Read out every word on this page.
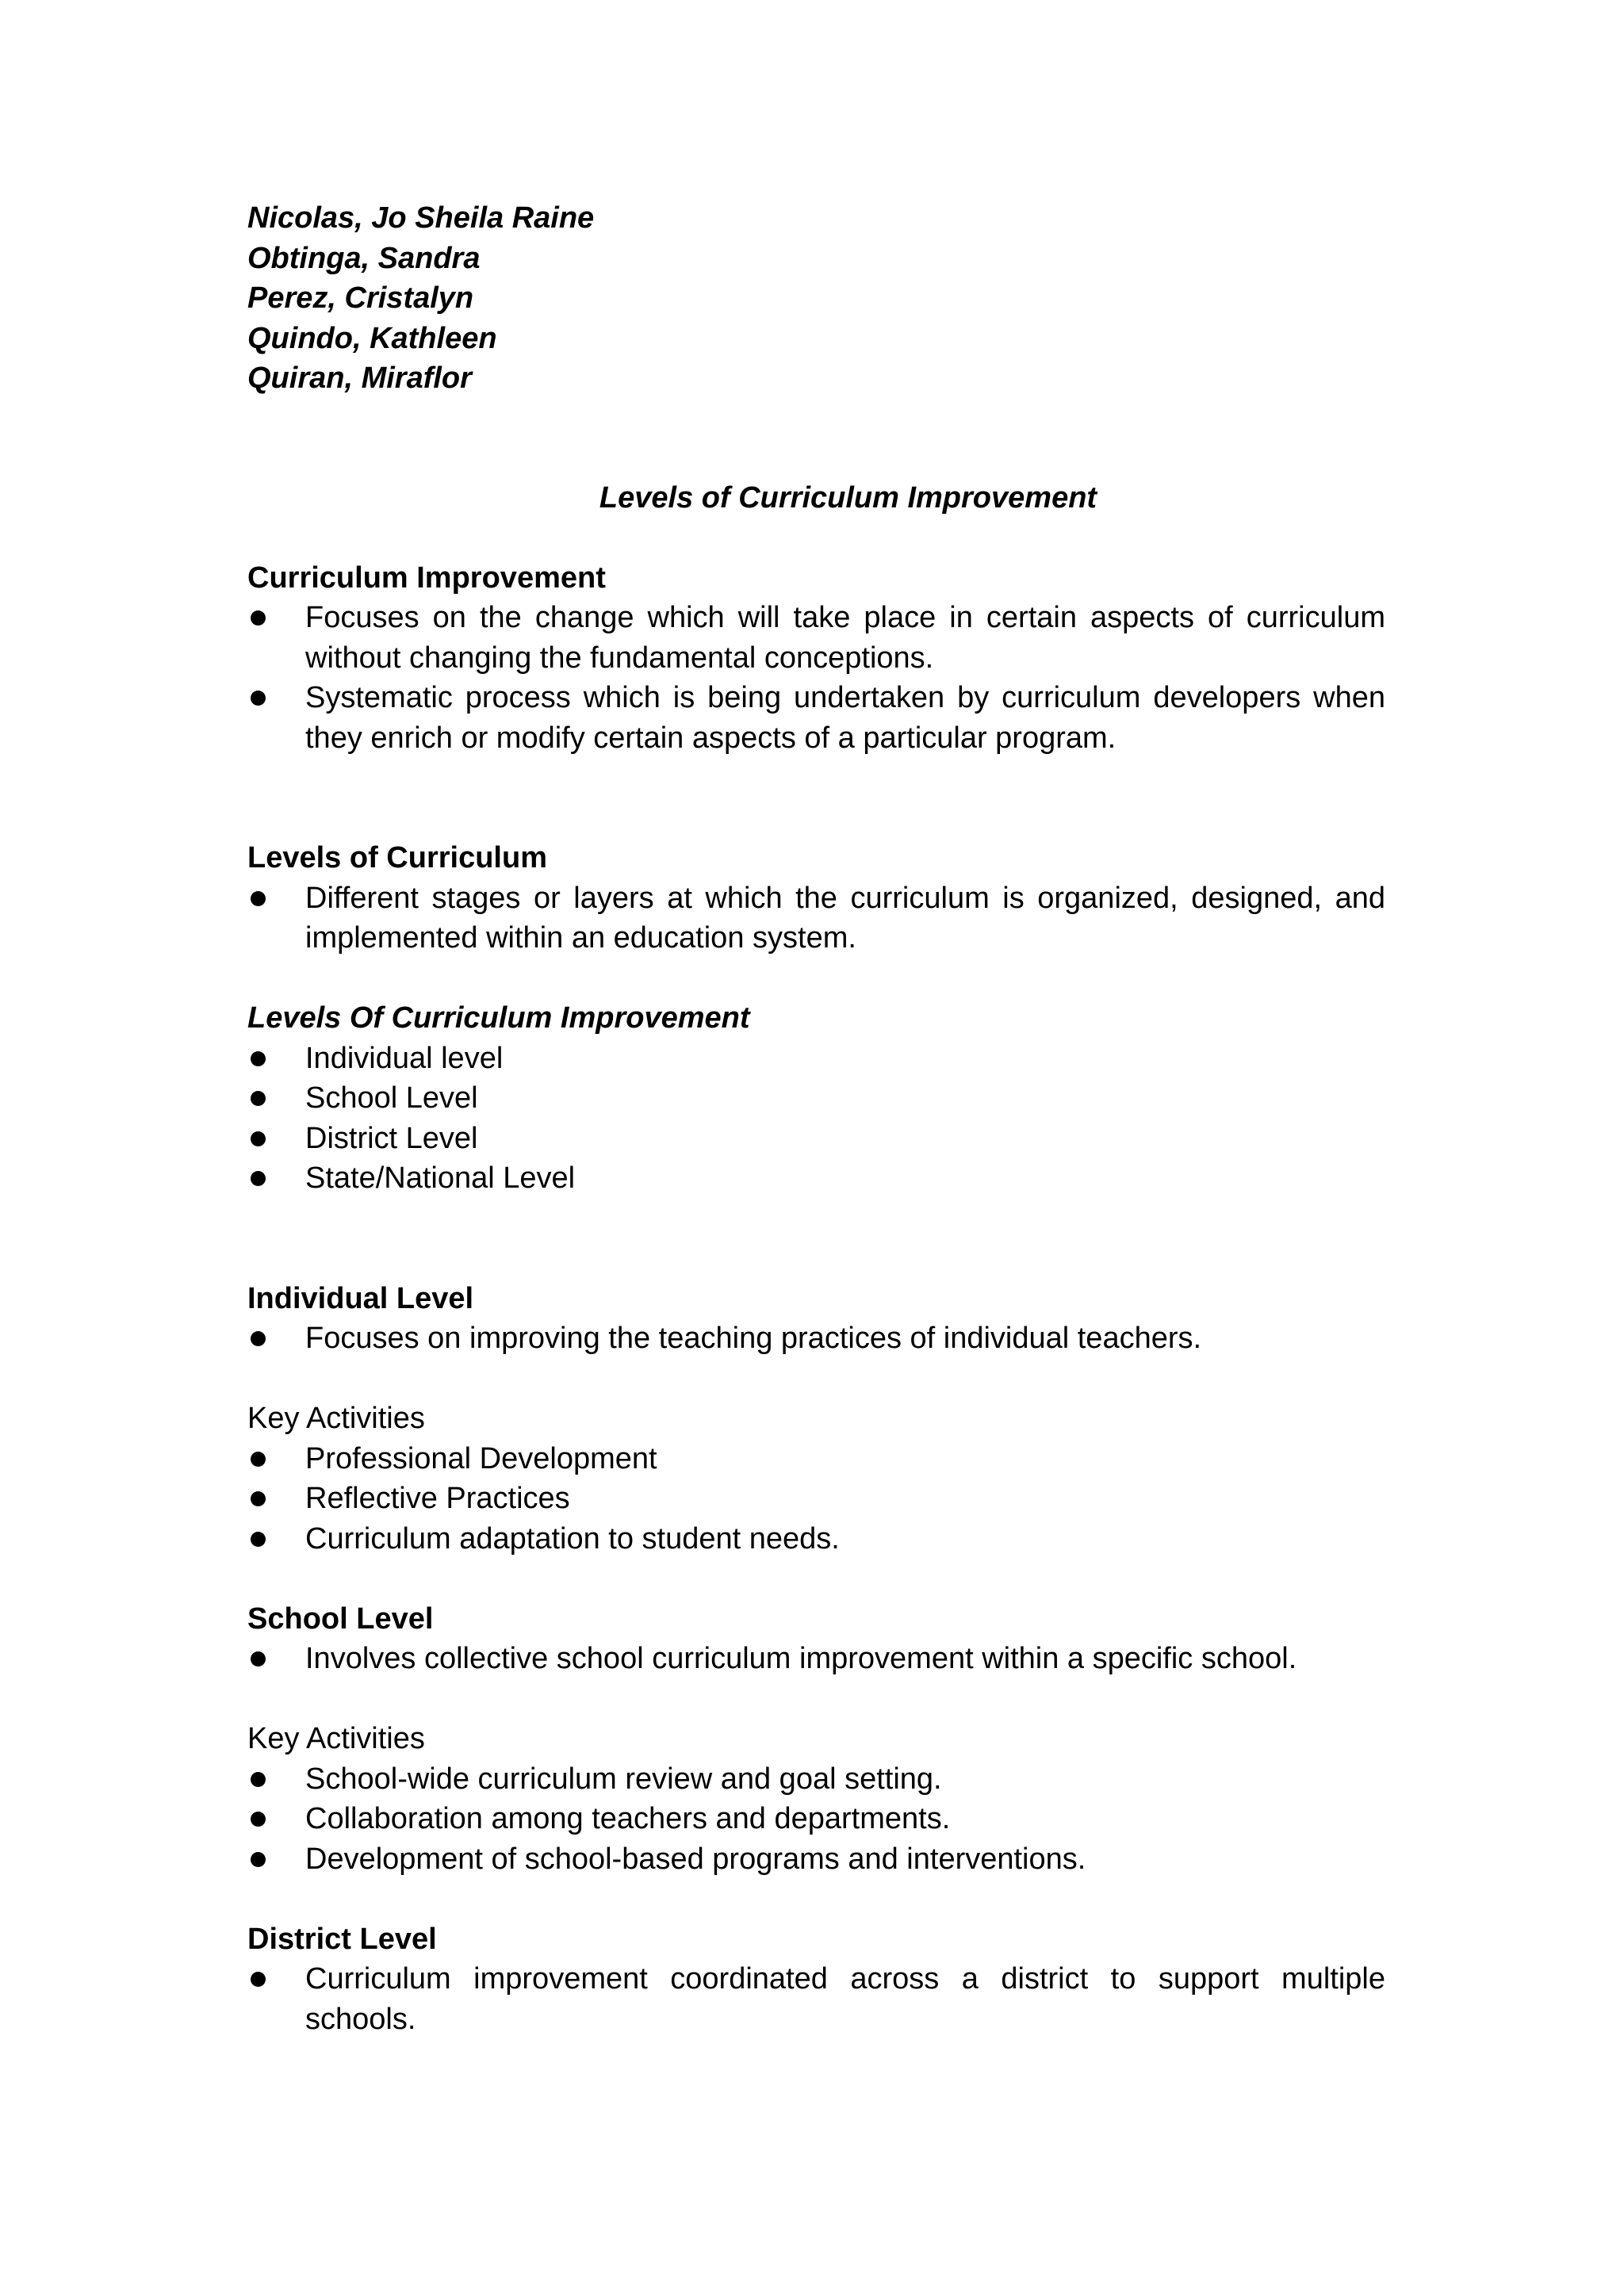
Nicolas, Jo Sheila Raine
Obtinga, Sandra
Perez, Cristalyn
Quindo, Kathleen
Quiran, Miraflor
Levels of Curriculum Improvement
Curriculum Improvement
Focuses on the change which will take place in certain aspects of curriculum without changing the fundamental conceptions.
Systematic process which is being undertaken by curriculum developers when they enrich or modify certain aspects of a particular program.
Levels of Curriculum
Different stages or layers at which the curriculum is organized, designed, and implemented within an education system.
Levels Of Curriculum Improvement
Individual level
School Level
District Level
State/National Level
Individual Level
Focuses on improving the teaching practices of individual teachers.
Key Activities
Professional Development
Reflective Practices
Curriculum adaptation to student needs.
School Level
Involves collective school curriculum improvement within a specific school.
Key Activities
School-wide curriculum review and goal setting.
Collaboration among teachers and departments.
Development of school-based programs and interventions.
District Level
Curriculum improvement coordinated across a district to support multiple schools.
